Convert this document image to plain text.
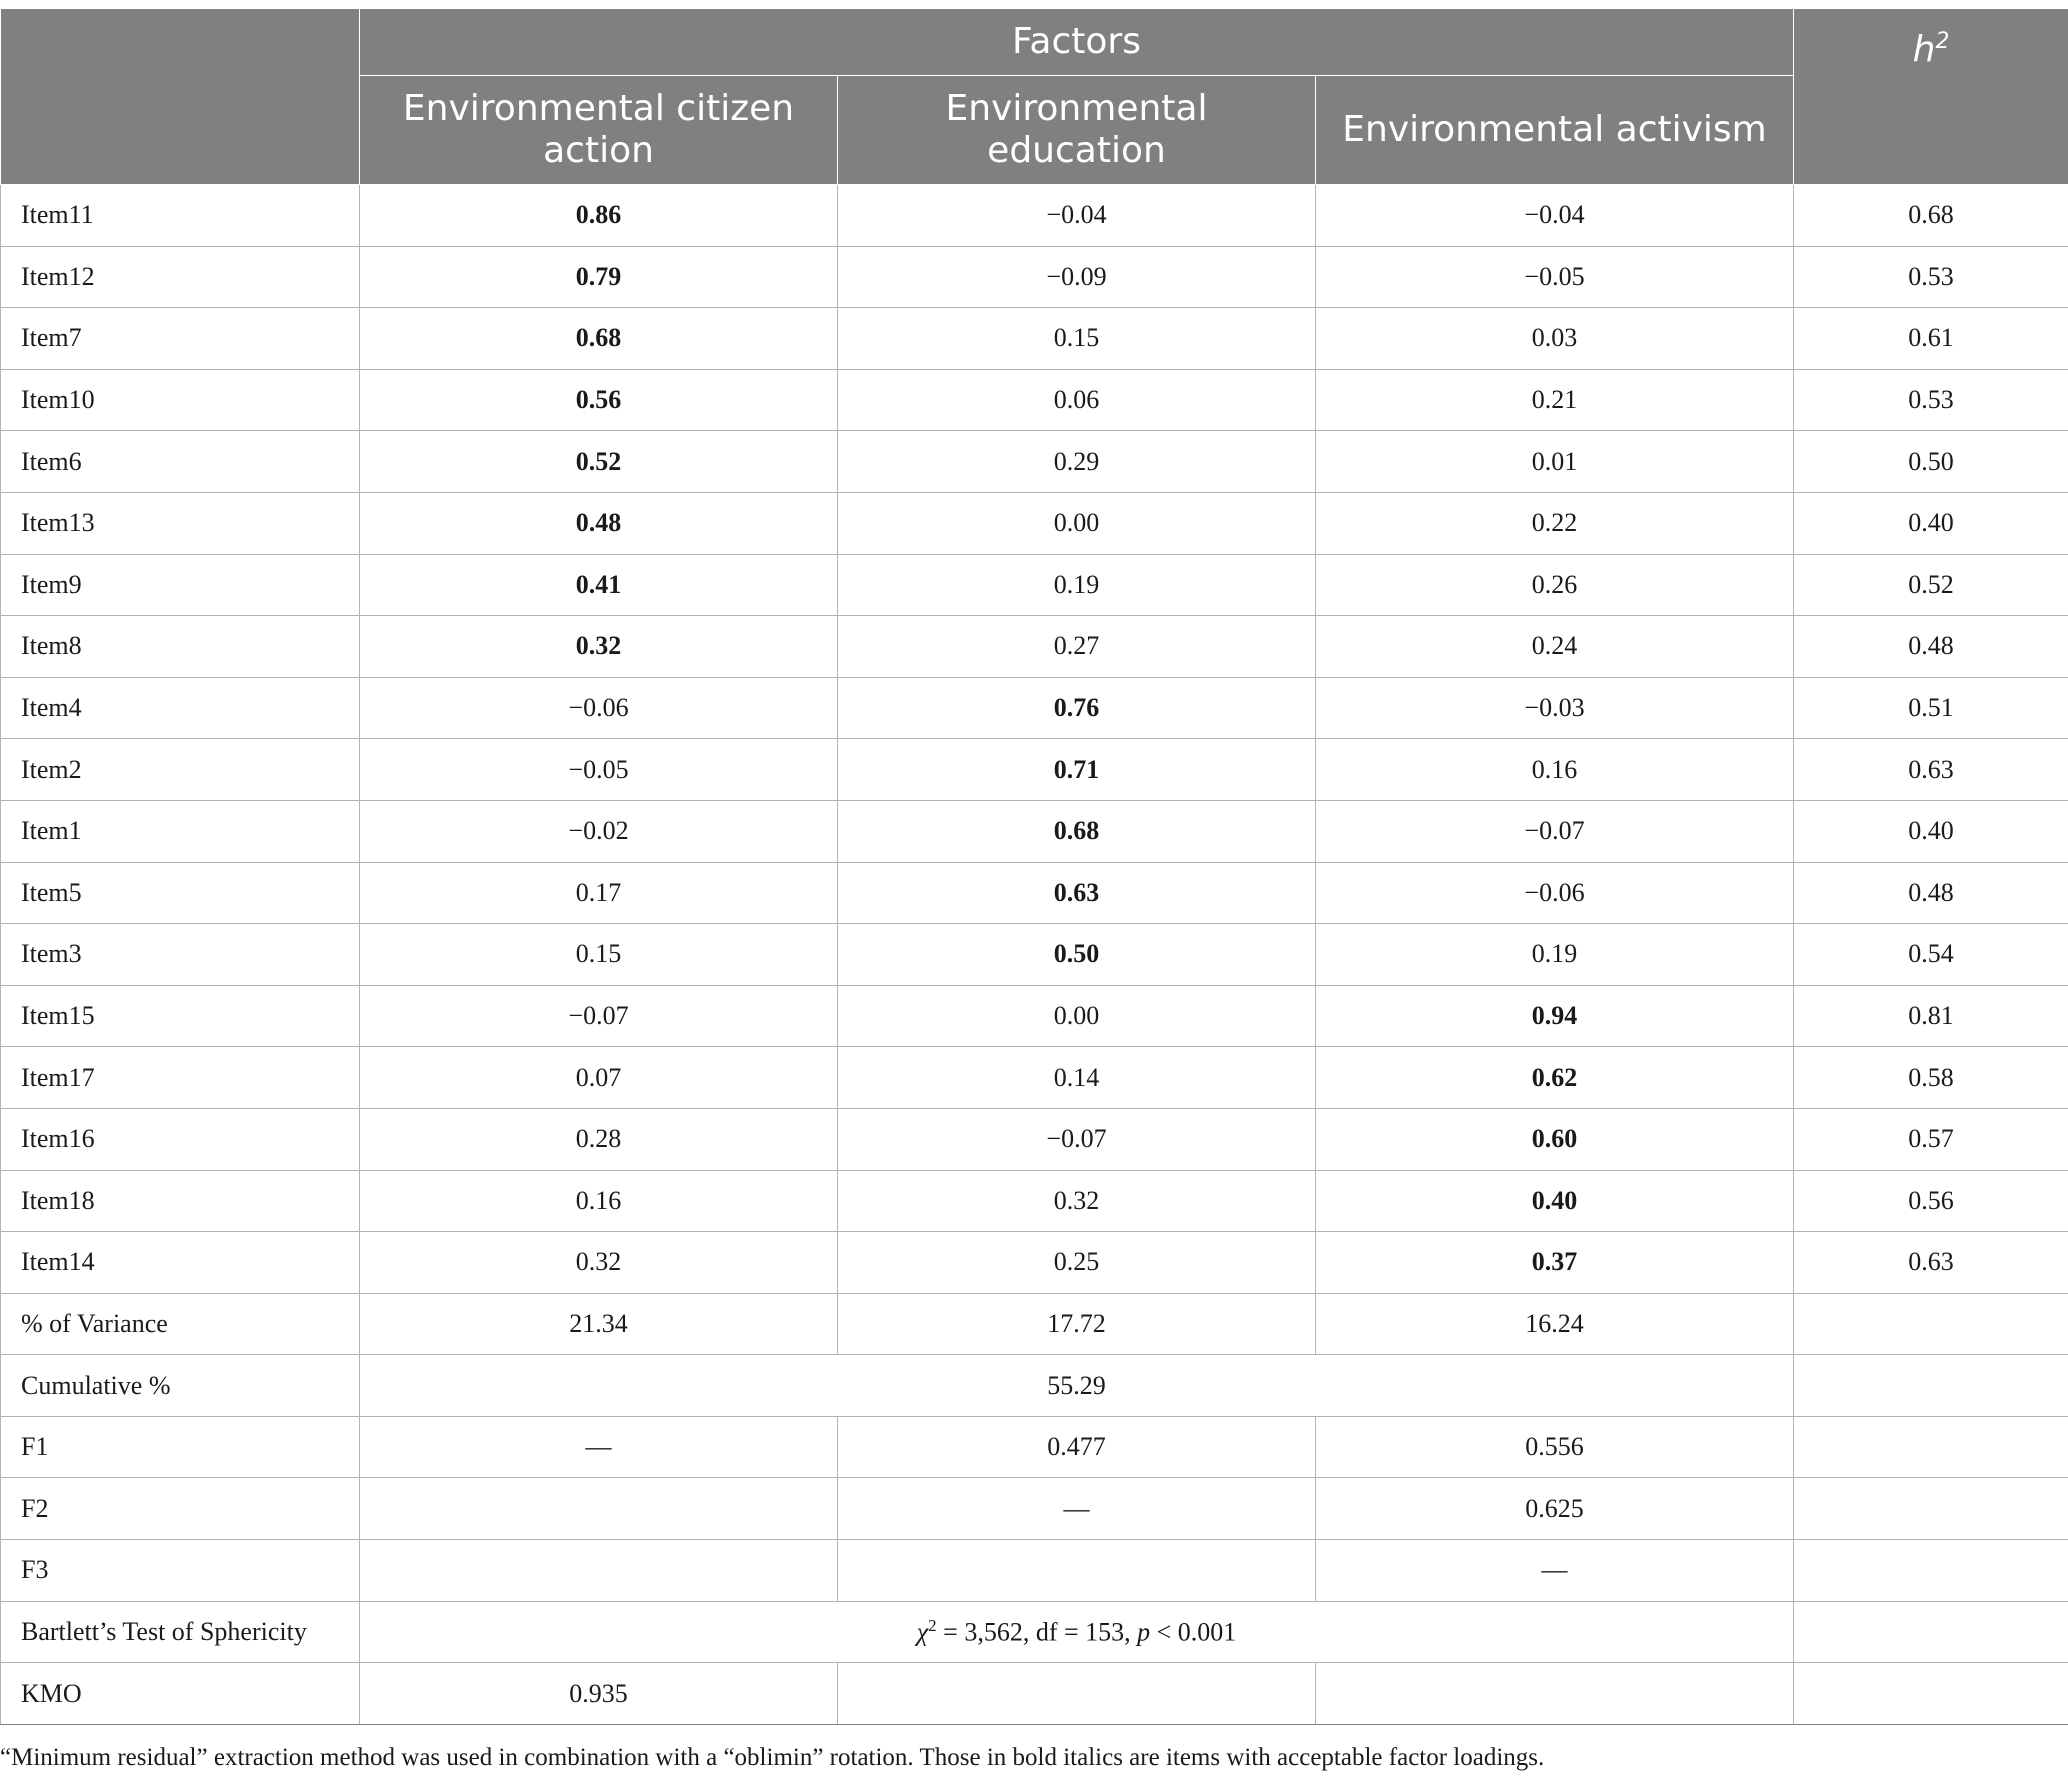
	Factors			$h^2$
	Environmental citizen action	Environmental education	Environmental activism	
Item11	0.86	−0.04	−0.04	0.68
Item12	0.79	−0.09	−0.05	0.53
Item7	0.68	0.15	0.03	0.61
Item10	0.56	0.06	0.21	0.53
Item6	0.52	0.29	0.01	0.50
Item13	0.48	0.00	0.22	0.40
Item9	0.41	0.19	0.26	0.52
Item8	0.32	0.27	0.24	0.48
Item4	−0.06	0.76	−0.03	0.51
Item2	−0.05	0.71	0.16	0.63
Item1	−0.02	0.68	−0.07	0.40
Item5	0.17	0.63	−0.06	0.48
Item3	0.15	0.50	0.19	0.54
Item15	−0.07	0.00	0.94	0.81
Item17	0.07	0.14	0.62	0.58
Item16	0.28	−0.07	0.60	0.57
Item18	0.16	0.32	0.40	0.56
Item14	0.32	0.25	0.37	0.63
% of Variance	21.34	17.72	16.24	
Cumulative %	55.29			
F1	—	0.477	0.556	
F2		—	0.625	
F3			—	
Bartlett’s Test of Sphericity	$\chi^2 = 3,562$, df = 153, p < 0.001			
KMO	0.935			
“Minimum residual” extraction method was used in combination with a “oblimin” rotation. Those in bold italics are items with acceptable factor loadings.
